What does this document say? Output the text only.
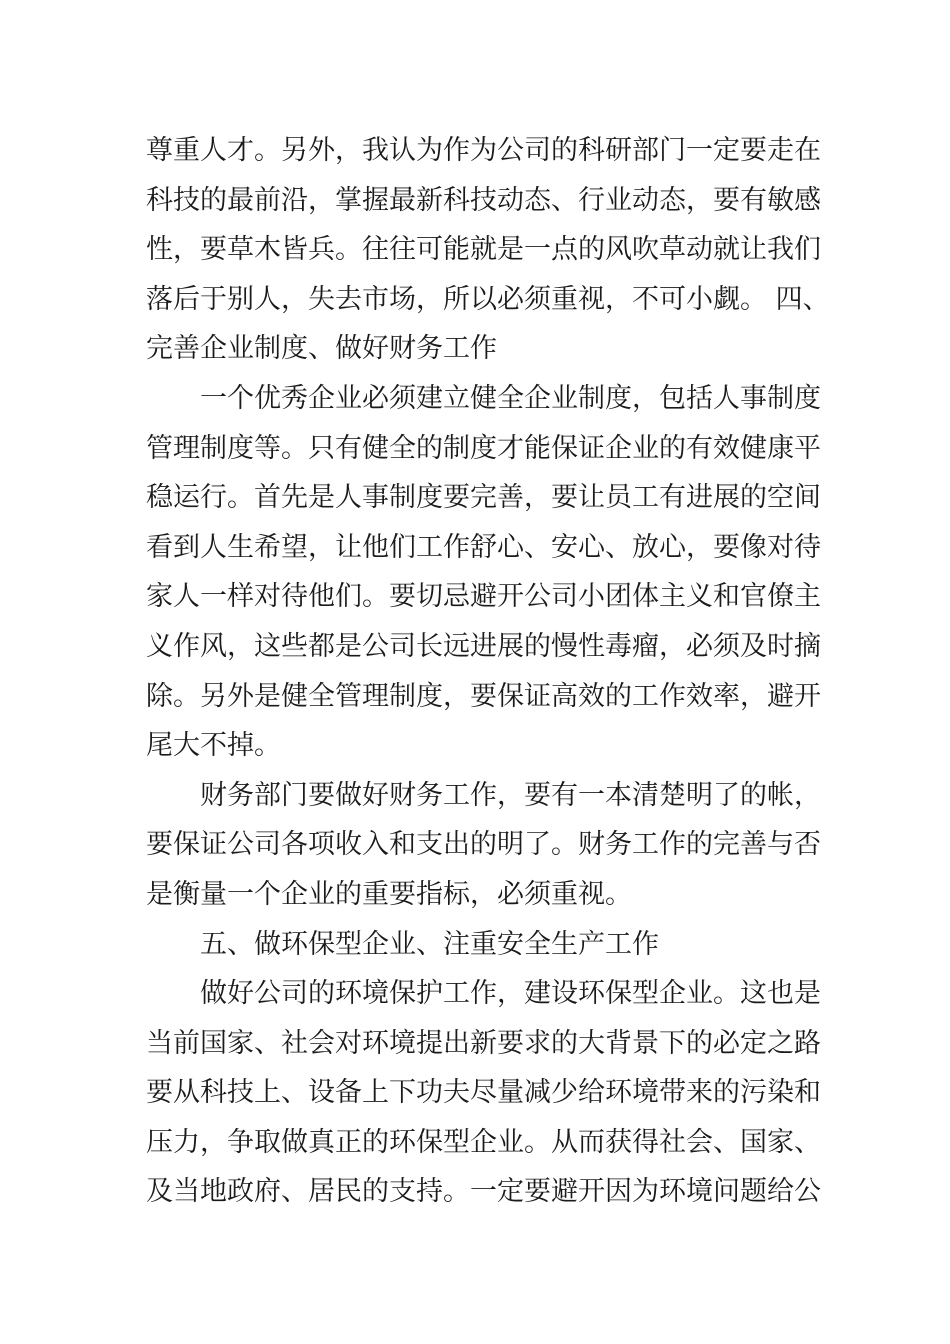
尊重人才。另外，我认为作为公司的科研部门一定要走在
科技的最前沿，掌握最新科技动态、行业动态，要有敏感
性，要草木皆兵。往往可能就是一点的风吹草动就让我们
落后于别人，失去市场，所以必须重视，不可小觑。 四、
完善企业制度、做好财务工作
一个优秀企业必须建立健全企业制度，包括人事制度
管理制度等。只有健全的制度才能保证企业的有效健康平
稳运行。首先是人事制度要完善，要让员工有进展的空间
看到人生希望，让他们工作舒心、安心、放心，要像对待
家人一样对待他们。要切忌避开公司小团体主义和官僚主
义作风，这些都是公司长远进展的慢性毒瘤，必须及时摘
除。另外是健全管理制度，要保证高效的工作效率，避开
尾大不掉。
财务部门要做好财务工作，要有一本清楚明了的帐，
要保证公司各项收入和支出的明了。财务工作的完善与否
是衡量一个企业的重要指标，必须重视。
五、做环保型企业、注重安全生产工作
做好公司的环境保护工作，建设环保型企业。这也是
当前国家、社会对环境提出新要求的大背景下的必定之路
要从科技上、设备上下功夫尽量减少给环境带来的污染和
压力，争取做真正的环保型企业。从而获得社会、国家、
及当地政府、居民的支持。一定要避开因为环境问题给公
